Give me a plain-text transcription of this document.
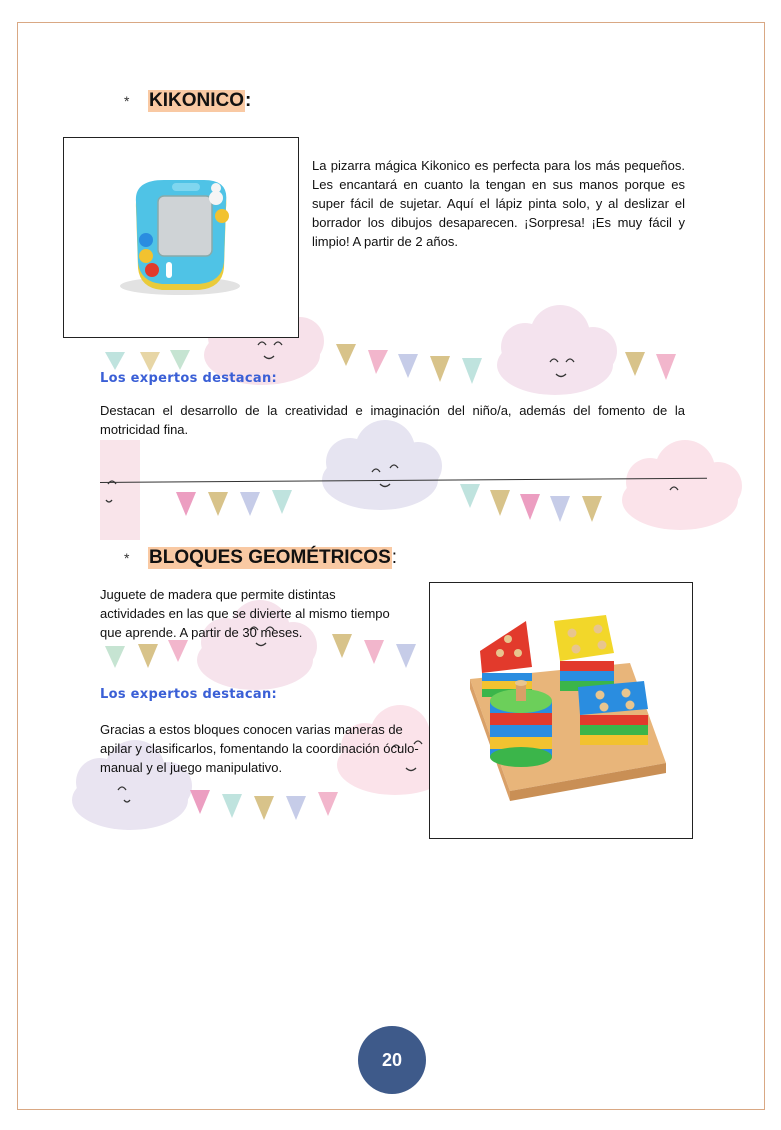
*	KIKONICO :
La pizarra mágica Kikonico es perfecta para los más pequeños. Les encantará en cuanto la tengan en sus manos porque es super fácil de sujetar. Aquí el lápiz pinta solo, y al deslizar el borrador los dibujos desaparecen. ¡Sorpresa! ¡Es muy fácil y limpio! A partir de 2 años.
Los expertos destacan:
Destacan el desarrollo de la creatividad e imaginación del niño/a, además del fomento de la motricidad fina.
*	BLOQUES GEOMÉTRICOS :
Juguete de madera que permite distintas actividades en las que se divierte al mismo tiempo que aprende. A partir de 30 meses.
Los expertos destacan:
Gracias a estos bloques conocen varias maneras de apilar y clasificarlos, fomentando la coordinación óculo-manual y el juego manipulativo.
20
